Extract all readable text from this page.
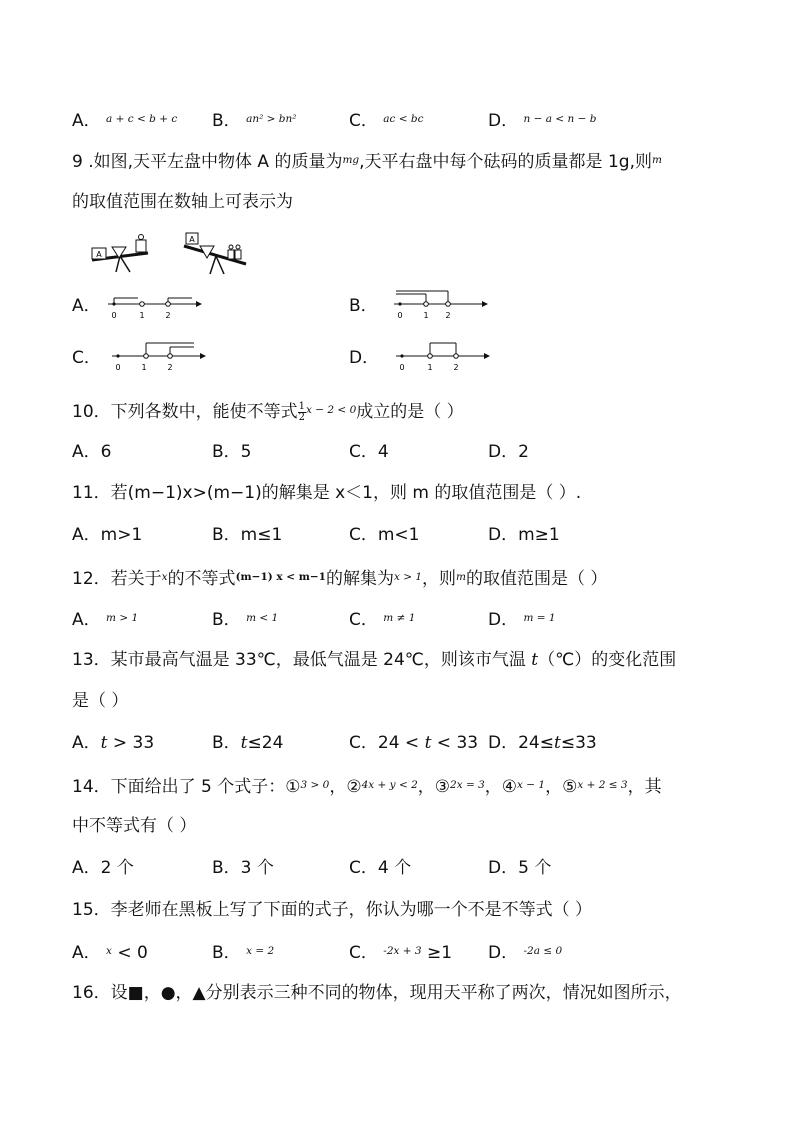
A． $^{a + c < b + c}$ B． $^{an^2 > bn^2}$	C． $^{ac < bc}$	D． $^{n - a < n - b}$
9 .如图,天平左盘中物体 A 的质量为$^{mg}$,天平右盘中每个砝码的质量都是 1g,则$^m$
的取值范围在数轴上可表示为
A
A
A． 0	1	2	B． 0	1 2
C． 0	1	2	D．	0	1	2
10．下列各数中，能使不等式 $\frac{1}{2} ^{x - 2 < 0}$成立的是（ ）
A．6	B．5	C．4	D．2
11．若(m−1)x>(m−1)的解集是 x＜1，则 m 的取值范围是（ ）.
A．m>1	B．m≤1	C．m<1	D．m≥1
12．若关于$^x$的不等式$^{(m-1) x < m-1}$的解集为$^{x > 1}$，则$^m$的取值范围是（ ）
A． $^{m > 1}$	B． $^{m < 1}$	C． $^{m \ne 1}$	D． $^{m = 1}$
13．某市最高气温是 33℃，最低气温是 24℃，则该市气温 t（℃）的变化范围
是（ ）
A．t > 33	B．t≤24	C．24 < t < 33 D．24≤t≤33
14．下面给出了 5 个式子：①$^{3 > 0}$，②$^{4x + y < 2}$，③$^{2x = 3}$，④$^{x - 1}$，⑤$^{x + 2 \le 3}$，其
中不等式有（ ）
A．2 个	B．3 个	C．4 个	D．5 个
15．李老师在黑板上写了下面的式子，你认为哪一个不是不等式（ ）
A． $^x$ < 0	B． $^{x = 2}$	C． $^{-2x + 3}$ ≥1 D． $^{-2a \le 0}$
16．设■，●，▲分别表示三种不同的物体，现用天平称了两次，情况如图所示，
